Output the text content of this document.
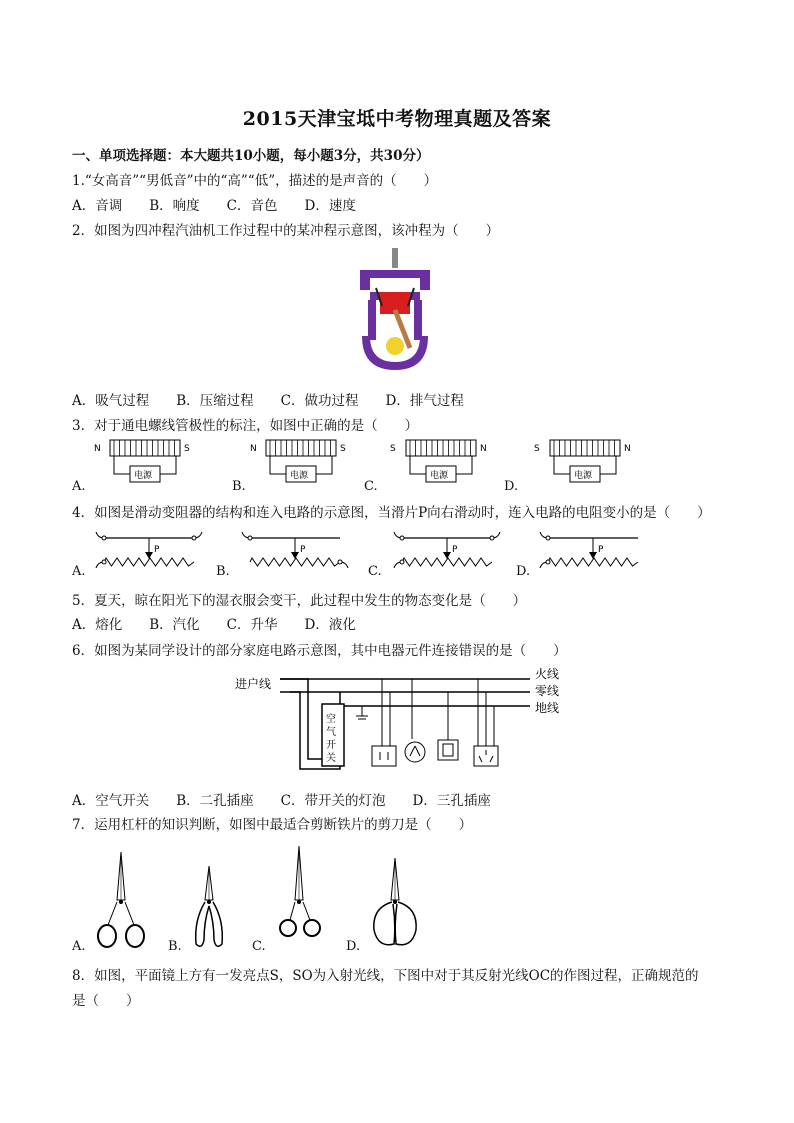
2015天津宝坻中考物理真题及答案
一、单项选择题：本大题共10小题，每小题3分，共30分）
1.“女高音”“男低音”中的“高”“低”，描述的是声音的（　　）
A．音调　　B．响度　　C．音色　　D．速度
2．如图为四冲程汽油机工作过程中的某冲程示意图，该冲程为（　　）
A．吸气过程　　B．压缩过程　　C．做功过程　　D．排气过程
3．对于通电螺线管极性的标注，如图中正确的是（　　）
A.
N	S
电源
B.
N	S
电源
C.
S	N
电源
D.
S	N
电源
4．如图是滑动变阻器的结构和连入电路的示意图，当滑片P向右滑动时，连入电路的电阻变小的是（　　）
A.
P
B.
P
C.
P
D.
P
5．夏天，晾在阳光下的湿衣服会变干，此过程中发生的物态变化是（　　）
A．熔化　　B．汽化　　C．升华　　D．液化
6．如图为某同学设计的部分家庭电路示意图，其中电器元件连接错误的是（　　）
进户线
火线
零线
地线
空
气
开
关
A．空气开关　　B．二孔插座　　C．带开关的灯泡　　D．三孔插座
7．运用杠杆的知识判断，如图中最适合剪断铁片的剪刀是（　　）
A.	B.	C.	D.
8．如图，平面镜上方有一发亮点S，SO为入射光线，下图中对于其反射光线OC的作图过程，正确规范的
是（　　）
